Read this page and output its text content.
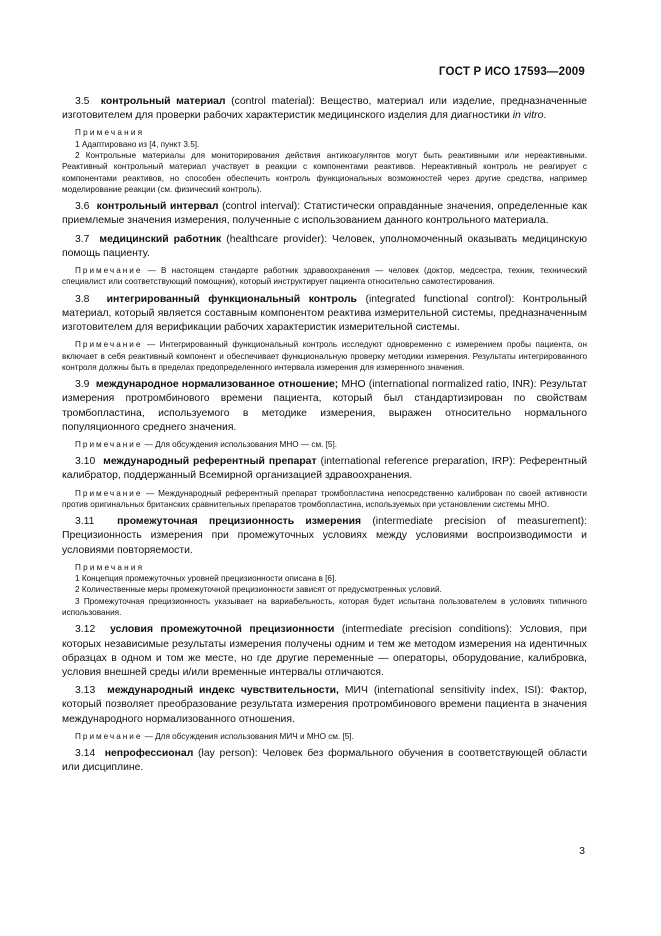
ГОСТ Р ИСО 17593—2009

3.5 контрольный материал (control material): Вещество, материал или изделие, предназначенные изготовителем для проверки рабочих характеристик медицинского изделия для диагностики in vitro.

Примечания
1 Адаптировано из [4, пункт 3.5].
2 Контрольные материалы для мониторирования действия антикоагулянтов могут быть реактивными или нереактивными. Реактивный контрольный материал участвует в реакции с компонентами реактивов. Нереактивный контроль не реагирует с компонентами реактивов, но способен обеспечить контроль функциональных возможностей через другие средства, например моделирование реакции (см. физический контроль).

3.6 контрольный интервал (control interval): Статистически оправданные значения, определенные как приемлемые значения измерения, полученные с использованием данного контрольного материала.

3.7 медицинский работник (healthcare provider): Человек, уполномоченный оказывать медицинскую помощь пациенту.

Примечание — В настоящем стандарте работник здравоохранения — человек (доктор, медсестра, техник, технический специалист или соответствующий помощник), который инструктирует пациента относительно самотестирования.

3.8 интегрированный функциональный контроль (integrated functional control): Контрольный материал, который является составным компонентом реактива измерительной системы, предназначенным изготовителем для верификации рабочих характеристик измерительной системы.

Примечание — Интегрированный функциональный контроль исследуют одновременно с измерением пробы пациента, он включает в себя реактивный компонент и обеспечивает функциональную проверку методики измерения. Результаты интегрированного контроля должны быть в пределах предопределенного интервала измерения для измеренного значения.

3.9 международное нормализованное отношение; МНО (international normalized ratio, INR): Результат измерения протромбинового времени пациента, который был стандартизирован по свойствам тромбопластина, используемого в методике измерения, выражен относительно нормального популяционного среднего значения.

Примечание — Для обсуждения использования МНО — см. [5].

3.10 международный референтный препарат (international reference preparation, IRP): Референтный калибратор, поддержанный Всемирной организацией здравоохранения.

Примечание — Международный референтный препарат тромбопластина непосредственно калиброван по своей активности против оригинальных британских сравнительных препаратов тромбопластина, используемых при установлении системы МНО.

3.11 промежуточная прецизионность измерения (intermediate precision of measurement): Прецизионность измерения при промежуточных условиях между условиями воспроизводимости и условиями повторяемости.

Примечания
1 Концепция промежуточных уровней прецизионности описана в [6].
2 Количественные меры промежуточной прецизионности зависят от предусмотренных условий.
3 Промежуточная прецизионность указывает на вариабельность, которая будет испытана пользователем в условиях типичного использования.

3.12 условия промежуточной прецизионности (intermediate precision conditions): Условия, при которых независимые результаты измерения получены одним и тем же методом измерения на идентичных образцах в одном и том же месте, но где другие переменные — операторы, оборудование, калибровка, условия внешней среды и/или временные интервалы отличаются.

3.13 международный индекс чувствительности, МИЧ (international sensitivity index, ISI): Фактор, который позволяет преобразование результата измерения протромбинового времени пациента в значения международного нормализованного отношения.

Примечание — Для обсуждения использования МИЧ и МНО см. [5].

3.14 непрофессионал (lay person): Человек без формального обучения в соответствующей области или дисциплине.

3
